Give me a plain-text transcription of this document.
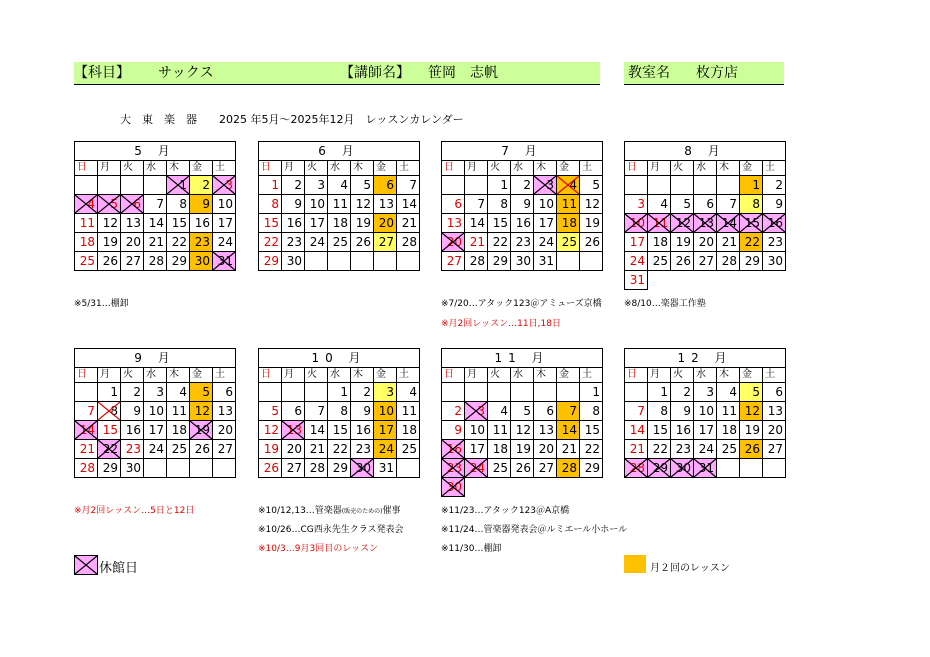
【科目】 サックス	【講師名】 笹岡　志帆	教室名 枚方店
大　東　楽　器　　2025 年5月～2025年12月　レッスンカレンダー
5 月						
日	月	火	水	木	金	土
				1	2	3

4	5	6	7	8	9	10
11	12	13	14	15	16	17
18	19	20	21	22	23	24
25	26	27	28	29	30	31
6 月						
日	月	火	水	木	金	土
1	2	3	4	5	6	7
8	9	10	11	12	13	14
15	16	17	18	19	20	21
22	23	24	25	26	27	28
29	30					
7 月						
日	月	火	水	木	金	土
		1	2	3	4	5
6	7	8	9	10	11	12
13	14	15	16	17	18	19
20	21	22	23	24	25	26
27	28	29	30	31		
8 月						
日	月	火	水	木	金	土
					1	2
3	4	5	6	7	8	9
10	11	12	13	14	15	16

17	18	19	20	21	22	23
24	25	26	27	28	29	30
31						
9 月						
日	月	火	水	木	金	土
	1	2	3	4	5	6
7	8	9	10	11	12	13
14	15	16	17	18	19	20
21	22	23	24	25	26	27
28	29	30				
10 月						
日	月	火	水	木	金	土
			1	2	3	4
5	6	7	8	9	10	11
12	13	14	15	16	17	18
19	20	21	22	23	24	25
26	27	28	29	30	31	
11 月						
日	月	火	水	木	金	土
						1
2	3	4	5	6	7	8
9	10	11	12	13	14	15
16	17	18	19	20	21	22
23	24	25	26	27	28	29
30

12 月						
日	月	火	水	木	金	土
	1	2	3	4	5	6
7	8	9	10	11	12	13
14	15	16	17	18	19	20
21	22	23	24	25	26	27
28	29	30	31

※5/31…棚卸	※7/20…アタック123＠アミューズ京橋
※月2回レッスン…11日,18日
※8/10…楽器工作塾
※月2回レッスン…5日と12日	※10/12,13…管楽器(販売のための)催事
※10/26…CG西永先生クラス発表会
※10/3…9月3回目のレッスン
※11/23…アタック123＠A京橋
※11/24…管楽器発表会＠ルミエール小ホール
※11/30…棚卸
休館日	月２回のレッスン
